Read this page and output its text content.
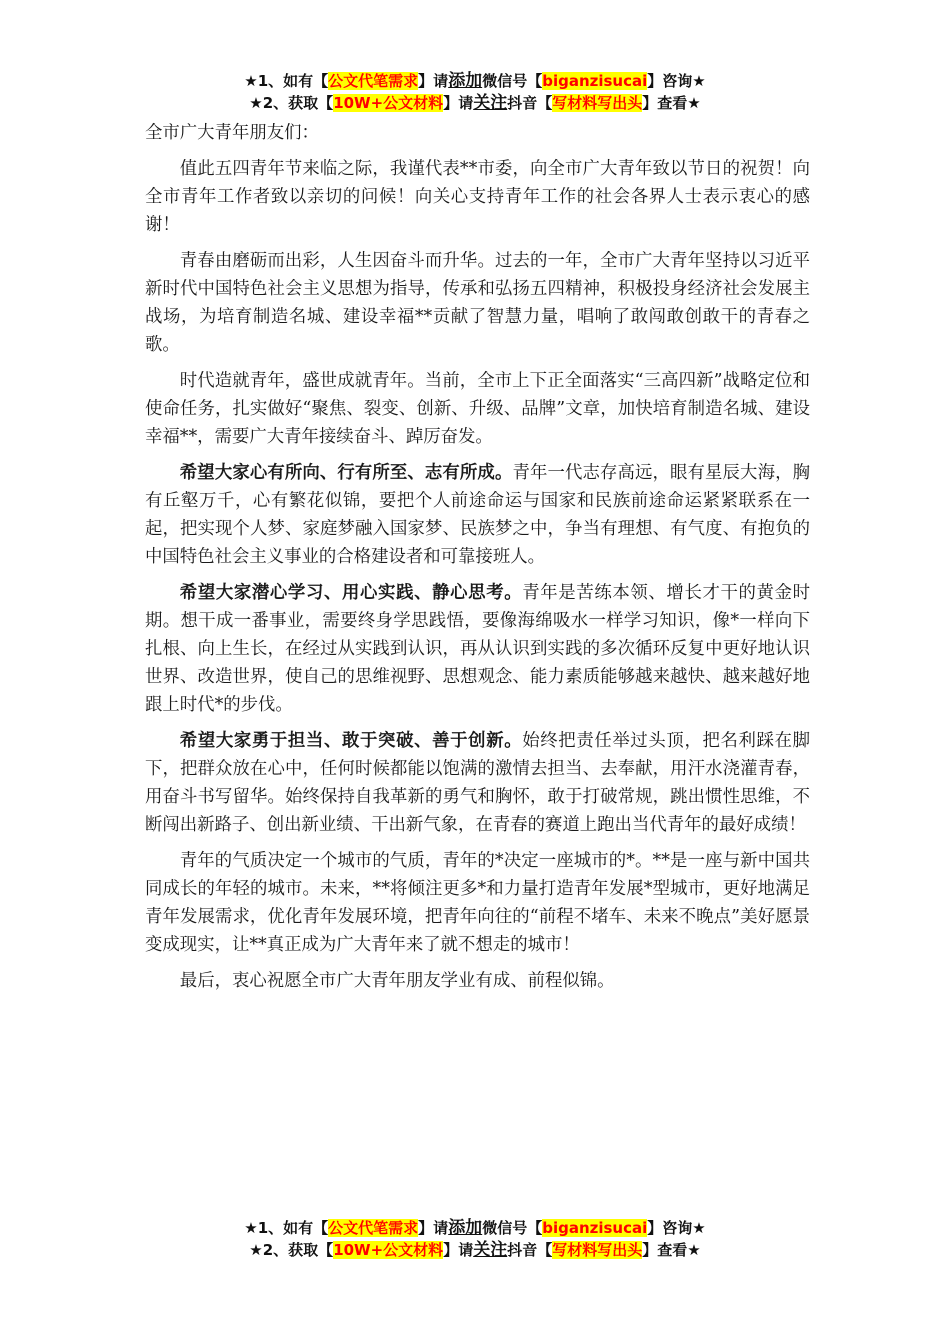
★1、如有【公文代笔需求】请添加微信号【biganzisucai】咨询★
★2、获取【10W+公文材料】请关注抖音【写材料写出头】查看★

全市广大青年朋友们：

值此五四青年节来临之际，我谨代表**市委，向全市广大青年致以节日的祝贺！向全市青年工作者致以亲切的问候！向关心支持青年工作的社会各界人士表示衷心的感谢！

青春由磨砺而出彩，人生因奋斗而升华。过去的一年，全市广大青年坚持以习近平新时代中国特色社会主义思想为指导，传承和弘扬五四精神，积极投身经济社会发展主战场，为培育制造名城、建设幸福**贡献了智慧力量，唱响了敢闯敢创敢干的青春之歌。

时代造就青年，盛世成就青年。当前，全市上下正全面落实“三高四新”战略定位和使命任务，扎实做好“聚焦、裂变、创新、升级、品牌”文章，加快培育制造名城、建设幸福**，需要广大青年接续奋斗、踔厉奋发。

希望大家心有所向、行有所至、志有所成。青年一代志存高远，眼有星辰大海，胸有丘壑万千，心有繁花似锦，要把个人前途命运与国家和民族前途命运紧紧联系在一起，把实现个人梦、家庭梦融入国家梦、民族梦之中，争当有理想、有气度、有抱负的中国特色社会主义事业的合格建设者和可靠接班人。

希望大家潜心学习、用心实践、静心思考。青年是苦练本领、增长才干的黄金时期。想干成一番事业，需要终身学思践悟，要像海绵吸水一样学习知识，像*一样向下扎根、向上生长，在经过从实践到认识，再从认识到实践的多次循环反复中更好地认识世界、改造世界，使自己的思维视野、思想观念、能力素质能够越来越快、越来越好地跟上时代*的步伐。

希望大家勇于担当、敢于突破、善于创新。始终把责任举过头顶，把名利踩在脚下，把群众放在心中，任何时候都能以饱满的激情去担当、去奉献，用汗水浇灌青春，用奋斗书写留华。始终保持自我革新的勇气和胸怀，敢于打破常规，跳出惯性思维，不断闯出新路子、创出新业绩、干出新气象，在青春的赛道上跑出当代青年的最好成绩！

青年的气质决定一个城市的气质，青年的*决定一座城市的*。**是一座与新中国共同成长的年轻的城市。未来，**将倾注更多*和力量打造青年发展*型城市，更好地满足青年发展需求，优化青年发展环境，把青年向往的“前程不堵车、未来不晚点”美好愿景变成现实，让**真正成为广大青年来了就不想走的城市！

最后，衷心祝愿全市广大青年朋友学业有成、前程似锦。

★1、如有【公文代笔需求】请添加微信号【biganzisucai】咨询★
★2、获取【10W+公文材料】请关注抖音【写材料写出头】查看★
